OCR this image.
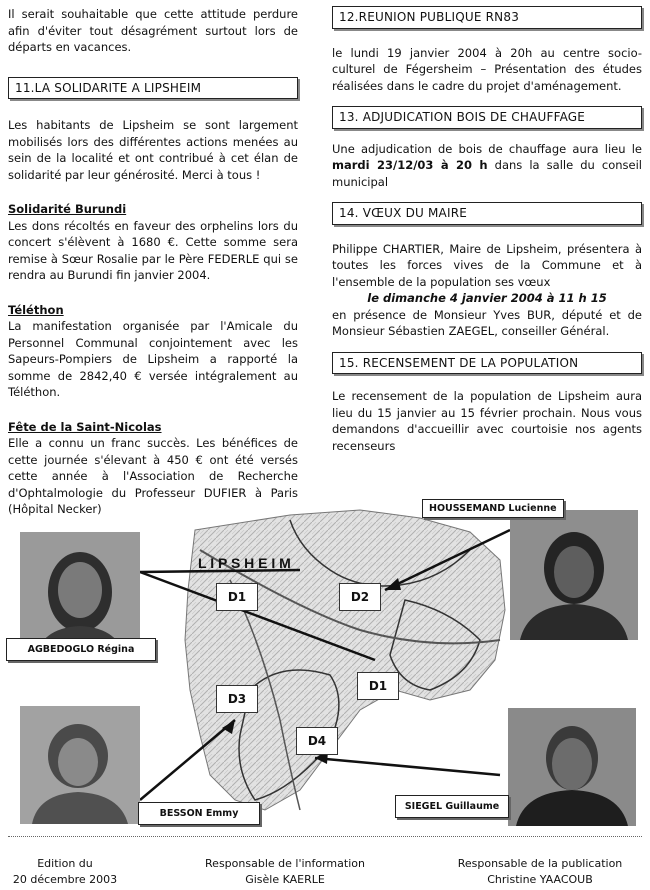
Il serait souhaitable que cette attitude perdure afin d'éviter tout désagrément surtout lors de départs en vacances.

11.LA SOLIDARITE A LIPSHEIM

Les habitants de Lipsheim se sont largement mobilisés lors des différentes actions menées au sein de la localité et ont contribué à cet élan de solidarité par leur générosité. Merci à tous !

Solidarité Burundi

Les dons récoltés en faveur des orphelins lors du concert s'élèvent à 1680 €. Cette somme sera remise à Sœur Rosalie par le Père FEDERLE qui se rendra au Burundi fin janvier 2004.

Téléthon

La manifestation organisée par l'Amicale du Personnel Communal conjointement avec les Sapeurs-Pompiers de Lipsheim a rapporté la somme de 2842,40 € versée intégralement au Téléthon.

Fête de la Saint-Nicolas

Elle a connu un franc succès. Les bénéfices de cette journée s'élevant à 450 € ont été versés cette année à l'Association de Recherche d'Ophtalmologie du Professeur DUFIER à Paris (Hôpital Necker)

12.REUNION PUBLIQUE RN83

le lundi 19 janvier 2004 à 20h au centre socio-culturel de Fégersheim – Présentation des études réalisées dans le cadre du projet d'aménagement.

13. ADJUDICATION BOIS DE CHAUFFAGE

Une adjudication de bois de chauffage aura lieu le mardi 23/12/03 à 20 h dans la salle du conseil municipal

14. VŒUX DU MAIRE

Philippe CHARTIER, Maire de Lipsheim, présentera à toutes les forces vives de la Commune et à l'ensemble de la population ses vœux

le dimanche 4 janvier 2004 à 11 h 15

en présence de Monsieur Yves BUR, député et de Monsieur Sébastien ZAEGEL, conseiller Général.

15. RECENSEMENT DE LA POPULATION

Le recensement de la population de Lipsheim aura lieu du 15 janvier au 15 février prochain. Nous vous demandons d'accueillir avec courtoisie nos agents recenseurs

L I P S H E I M
D1	D2
D1
D3
D4
HOUSSEMAND Lucienne
AGBEDOGLO Régina
BESSON Emmy
SIEGEL Guillaume
Edition du
20 décembre 2003
Responsable de l'information
Gisèle KAERLE
Responsable de la publication
Christine YAACOUB
